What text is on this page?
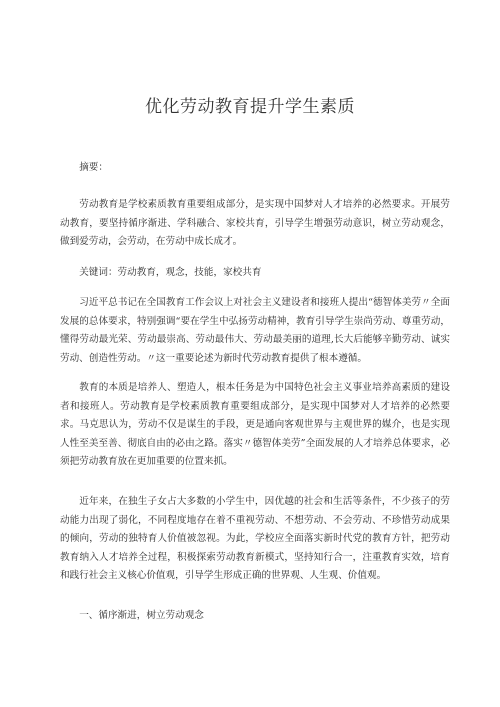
优化劳动教育提升学生素质

摘要：

劳动教育是学校素质教育重要组成部分，是实现中国梦对人才培养的必然要求。开展劳动教育，要坚持循序渐进、学科融合、家校共育，引导学生增强劳动意识，树立劳动观念，做到爱劳动，会劳动，在劳动中成长成才。

关键词：劳动教育，观念，技能，家校共育

习近平总书记在全国教育工作会议上对社会主义建设者和接班人提出“德智体美劳〃全面发展的总体要求，特别强调“要在学生中弘扬劳动精神，教育引导学生崇尚劳动、尊重劳动，懂得劳动最光荣、劳动最崇高、劳动最伟大、劳动最美丽的道理,长大后能够辛勤劳动、诚实劳动、创造性劳动。〃这一重要论述为新时代劳动教育提供了根本遵循。

教育的本质是培养人、塑造人，根本任务是为中国特色社会主义事业培养高素质的建设者和接班人。劳动教育是学校素质教育重要组成部分，是实现中国梦对人才培养的必然要求。马克思认为，劳动不仅是谋生的手段，更是通向客观世界与主观世界的媒介，也是实现人性至美至善、彻底自由的必由之路。落实〃德智体美劳”全面发展的人才培养总体要求，必须把劳动教育放在更加重要的位置来抓。

近年来，在独生子女占大多数的小学生中，因优越的社会和生活等条件，不少孩子的劳动能力出现了弱化，不同程度地存在着不重视劳动、不想劳动、不会劳动、不珍惜劳动成果的倾向，劳动的独特育人价值被忽视。为此，学校应全面落实新时代党的教育方针，把劳动教育纳入人才培养全过程，积极探索劳动教育新模式，坚持知行合一，注重教育实效，培育和践行社会主义核心价值观，引导学生形成正确的世界观、人生观、价值观。

一、循序渐进，树立劳动观念
